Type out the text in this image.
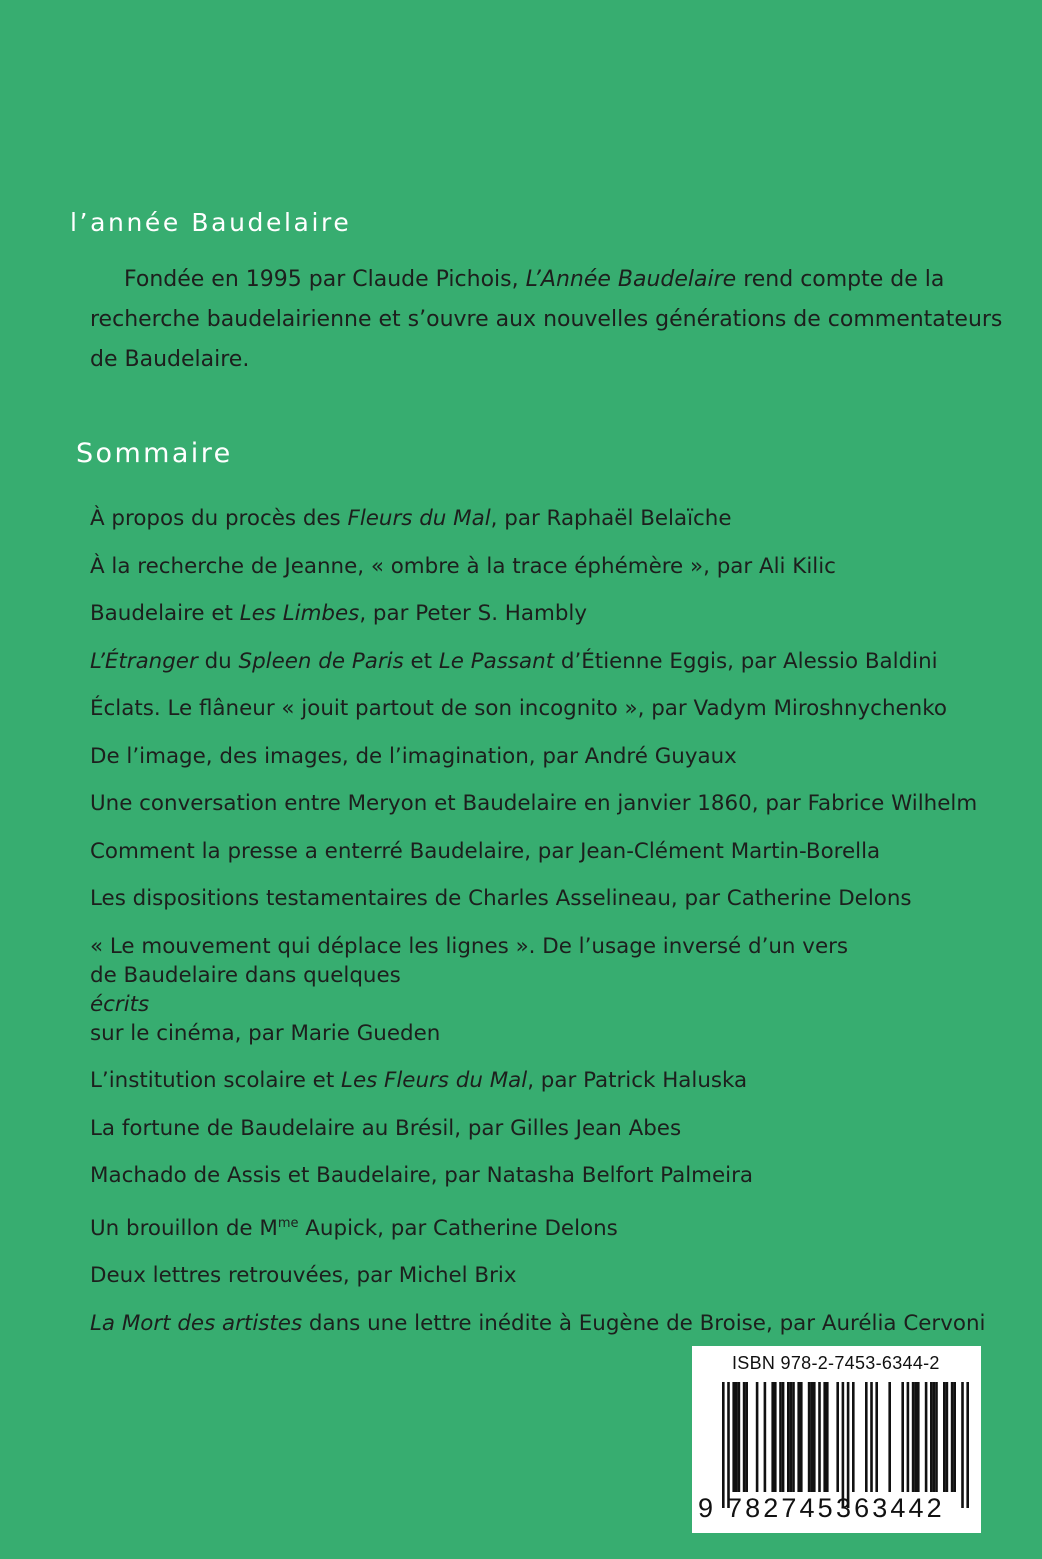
l’année Baudelaire

Fondée en 1995 par Claude Pichois, L’Année Baudelaire rend compte de la recherche baudelairienne et s’ouvre aux nouvelles générations de commentateurs de Baudelaire.

Sommaire
À propos du procès des Fleurs du Mal, par Raphaël Belaïche
À la recherche de Jeanne, « ombre à la trace éphémère », par Ali Kilic
Baudelaire et Les Limbes, par Peter S. Hambly
L’Étranger du Spleen de Paris et Le Passant d’Étienne Eggis, par Alessio Baldini
Éclats. Le flâneur « jouit partout de son incognito », par Vadym Miroshnychenko
De l’image, des images, de l’imagination, par André Guyaux
Une conversation entre Meryon et Baudelaire en janvier 1860, par Fabrice Wilhelm
Comment la presse a enterré Baudelaire, par Jean-Clément Martin-Borella
Les dispositions testamentaires de Charles Asselineau, par Catherine Delons
« Le mouvement qui déplace les lignes ». De l’usage inversé d’un vers
de Baudelaire dans quelques
écrits
sur le cinéma, par Marie Gueden
L’institution scolaire et Les Fleurs du Mal, par Patrick Haluska
La fortune de Baudelaire au Brésil, par Gilles Jean Abes
Machado de Assis et Baudelaire, par Natasha Belfort Palmeira
Un brouillon de $M^{me}$ Aupick, par Catherine Delons
Deux lettres retrouvées, par Michel Brix
La Mort des artistes dans une lettre inédite à Eugène de Broise, par Aurélia Cervoni
ISBN 978-2-7453-6344-2
9 782745 363442
